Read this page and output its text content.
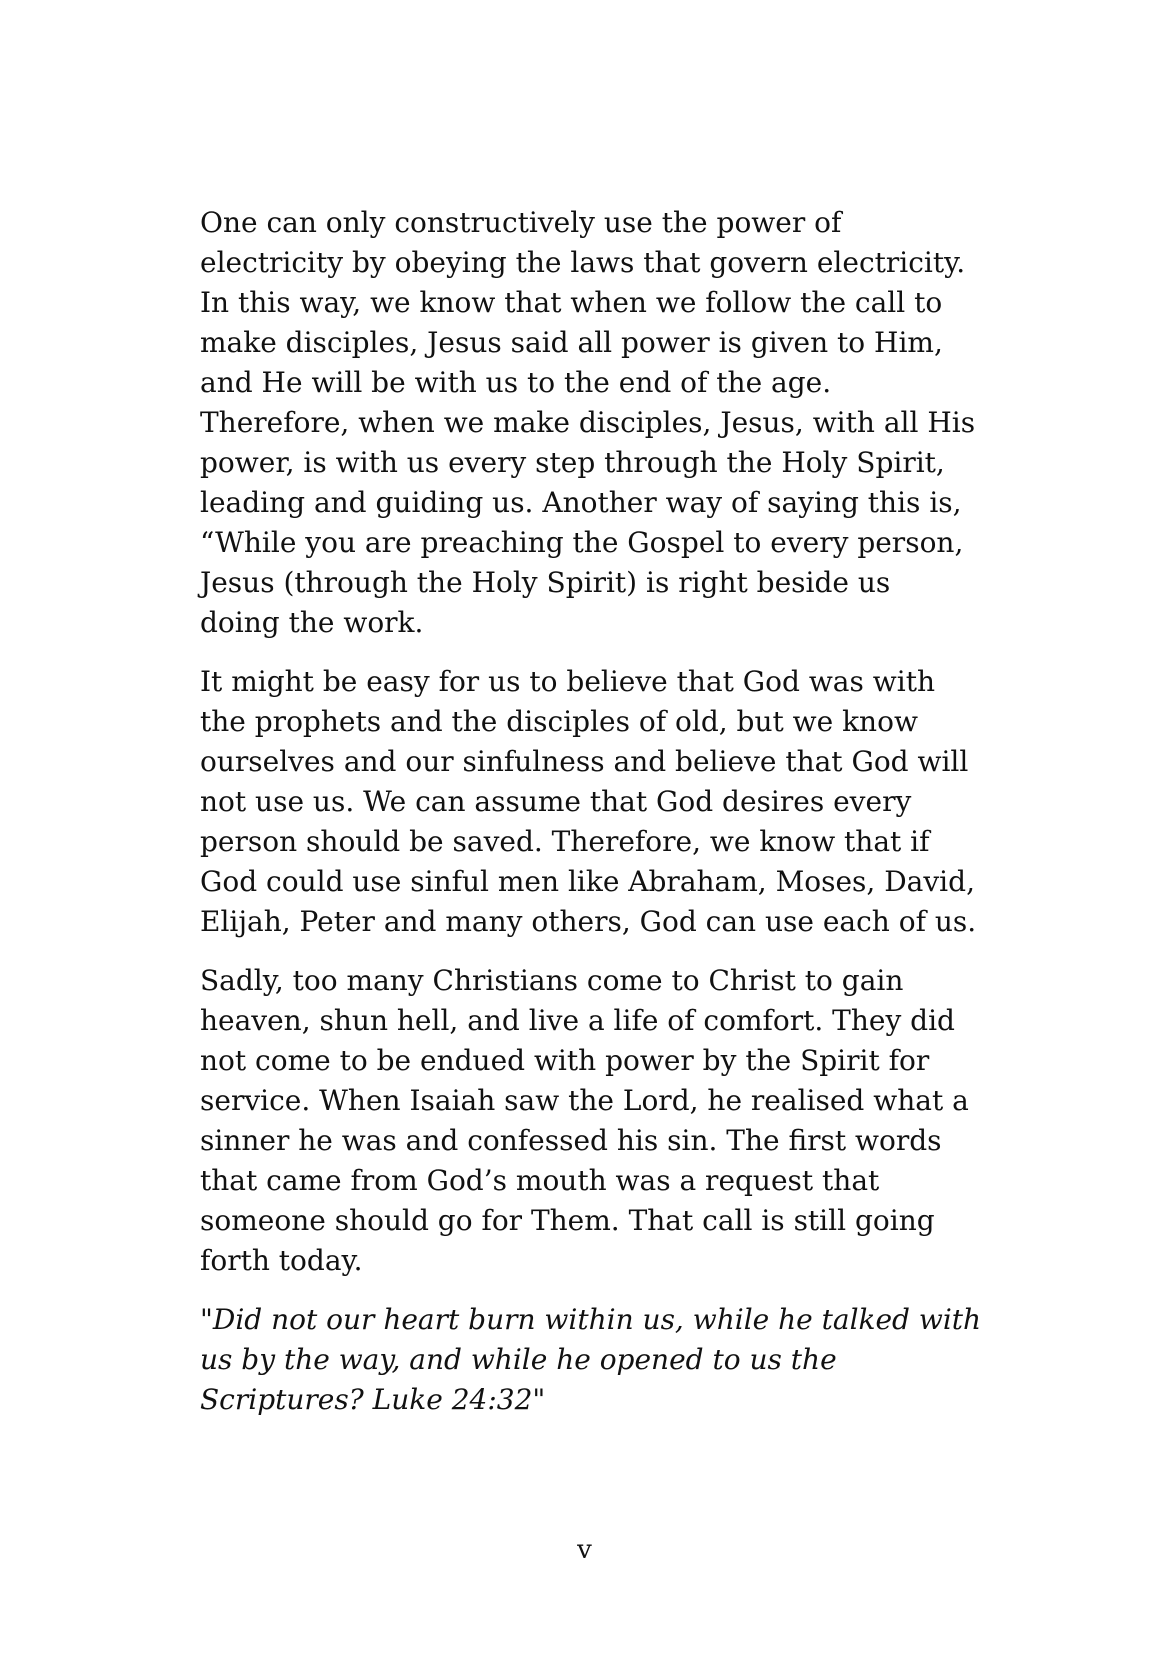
One can only constructively use the power of
electricity by obeying the laws that govern electricity.
In this way, we know that when we follow the call to
make disciples, Jesus said all power is given to Him,
and He will be with us to the end of the age.
Therefore, when we make disciples, Jesus, with all His
power, is with us every step through the Holy Spirit,
leading and guiding us. Another way of saying this is,
“While you are preaching the Gospel to every person,
Jesus (through the Holy Spirit) is right beside us
doing the work.

It might be easy for us to believe that God was with
the prophets and the disciples of old, but we know
ourselves and our sinfulness and believe that God will
not use us. We can assume that God desires every
person should be saved. Therefore, we know that if
God could use sinful men like Abraham, Moses, David,
Elijah, Peter and many others, God can use each of us.

Sadly, too many Christians come to Christ to gain
heaven, shun hell, and live a life of comfort. They did
not come to be endued with power by the Spirit for
service. When Isaiah saw the Lord, he realised what a
sinner he was and confessed his sin. The first words
that came from God’s mouth was a request that
someone should go for Them. That call is still going
forth today.

"Did not our heart burn within us, while he talked with
us by the way, and while he opened to us the
Scriptures? Luke 24:32"

v
